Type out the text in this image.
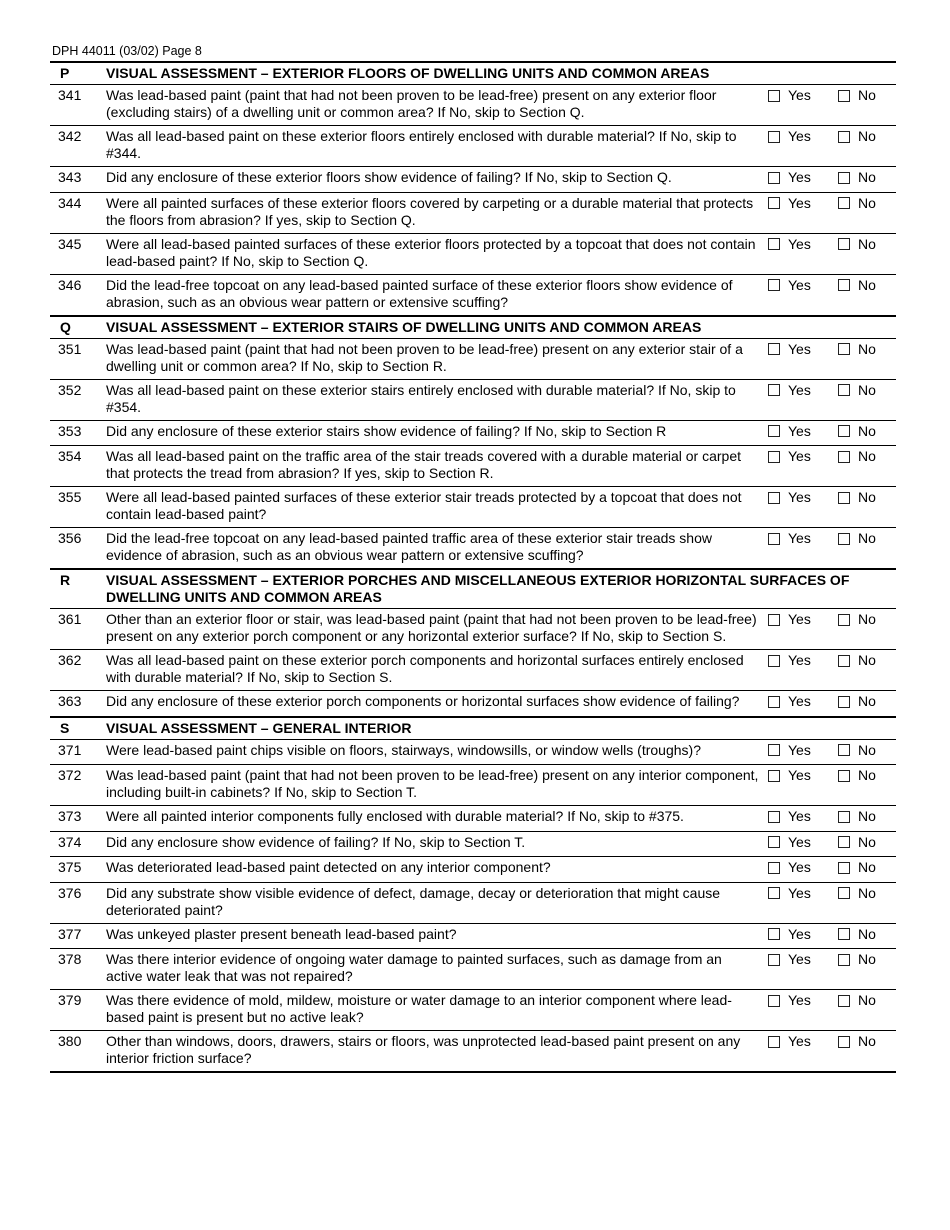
DPH 44011 (03/02) Page 8
P	VISUAL ASSESSMENT – EXTERIOR FLOORS OF DWELLING UNITS AND COMMON AREAS		
341	Was lead-based paint (paint that had not been proven to be lead-free) present on any exterior floor (excluding stairs) of a dwelling unit or common area? If No, skip to Section Q.	Yes	No

342	Was all lead-based paint on these exterior floors entirely enclosed with durable material? If No, skip to #344.	Yes	No

343	Did any enclosure of these exterior floors show evidence of failing? If No, skip to Section Q.	Yes	No

344	Were all painted surfaces of these exterior floors covered by carpeting or a durable material that protects the floors from abrasion? If yes, skip to Section Q.	Yes	No

345	Were all lead-based painted surfaces of these exterior floors protected by a topcoat that does not contain lead-based paint? If No, skip to Section Q.	Yes	No

346	Did the lead-free topcoat on any lead-based painted surface of these exterior floors show evidence of abrasion, such as an obvious wear pattern or extensive scuffing?	Yes	No

Q	VISUAL ASSESSMENT – EXTERIOR STAIRS OF DWELLING UNITS AND COMMON AREAS		
351	Was lead-based paint (paint that had not been proven to be lead-free) present on any exterior stair of a dwelling unit or common area? If No, skip to Section R.	Yes	No

352	Was all lead-based paint on these exterior stairs entirely enclosed with durable material? If No, skip to #354.	Yes	No

353	Did any enclosure of these exterior stairs show evidence of failing? If No, skip to Section R	Yes	No

354	Was all lead-based paint on the traffic area of the stair treads covered with a durable material or carpet that protects the tread from abrasion? If yes, skip to Section R.	Yes	No

355	Were all lead-based painted surfaces of these exterior stair treads protected by a topcoat that does not contain lead-based paint?	Yes	No

356	Did the lead-free topcoat on any lead-based painted traffic area of these exterior stair treads show evidence of abrasion, such as an obvious wear pattern or extensive scuffing?	Yes	No

R	VISUAL ASSESSMENT – EXTERIOR PORCHES AND MISCELLANEOUS EXTERIOR HORIZONTAL SURFACES OF DWELLING UNITS AND COMMON AREAS		
361	Other than an exterior floor or stair, was lead-based paint (paint that had not been proven to be lead-free) present on any exterior porch component or any horizontal exterior surface? If No, skip to Section S.	Yes	No

362	Was all lead-based paint on these exterior porch components and horizontal surfaces entirely enclosed with durable material? If No, skip to Section S.	Yes	No

363	Did any enclosure of these exterior porch components or horizontal surfaces show evidence of failing?	Yes	No

S	VISUAL ASSESSMENT – GENERAL INTERIOR		
371	Were lead-based paint chips visible on floors, stairways, windowsills, or window wells (troughs)?	Yes	No

372	Was lead-based paint (paint that had not been proven to be lead-free) present on any interior component, including built-in cabinets? If No, skip to Section T.	Yes	No

373	Were all painted interior components fully enclosed with durable material? If No, skip to #375.	Yes	No

374	Did any enclosure show evidence of failing? If No, skip to Section T.	Yes	No

375	Was deteriorated lead-based paint detected on any interior component?	Yes	No

376	Did any substrate show visible evidence of defect, damage, decay or deterioration that might cause deteriorated paint?	Yes	No

377	Was unkeyed plaster present beneath lead-based paint?	Yes	No

378	Was there interior evidence of ongoing water damage to painted surfaces, such as damage from an active water leak that was not repaired?	Yes	No

379	Was there evidence of mold, mildew, moisture or water damage to an interior component where lead-based paint is present but no active leak?	Yes	No

380	Other than windows, doors, drawers, stairs or floors, was unprotected lead-based paint present on any interior friction surface?	Yes	No
